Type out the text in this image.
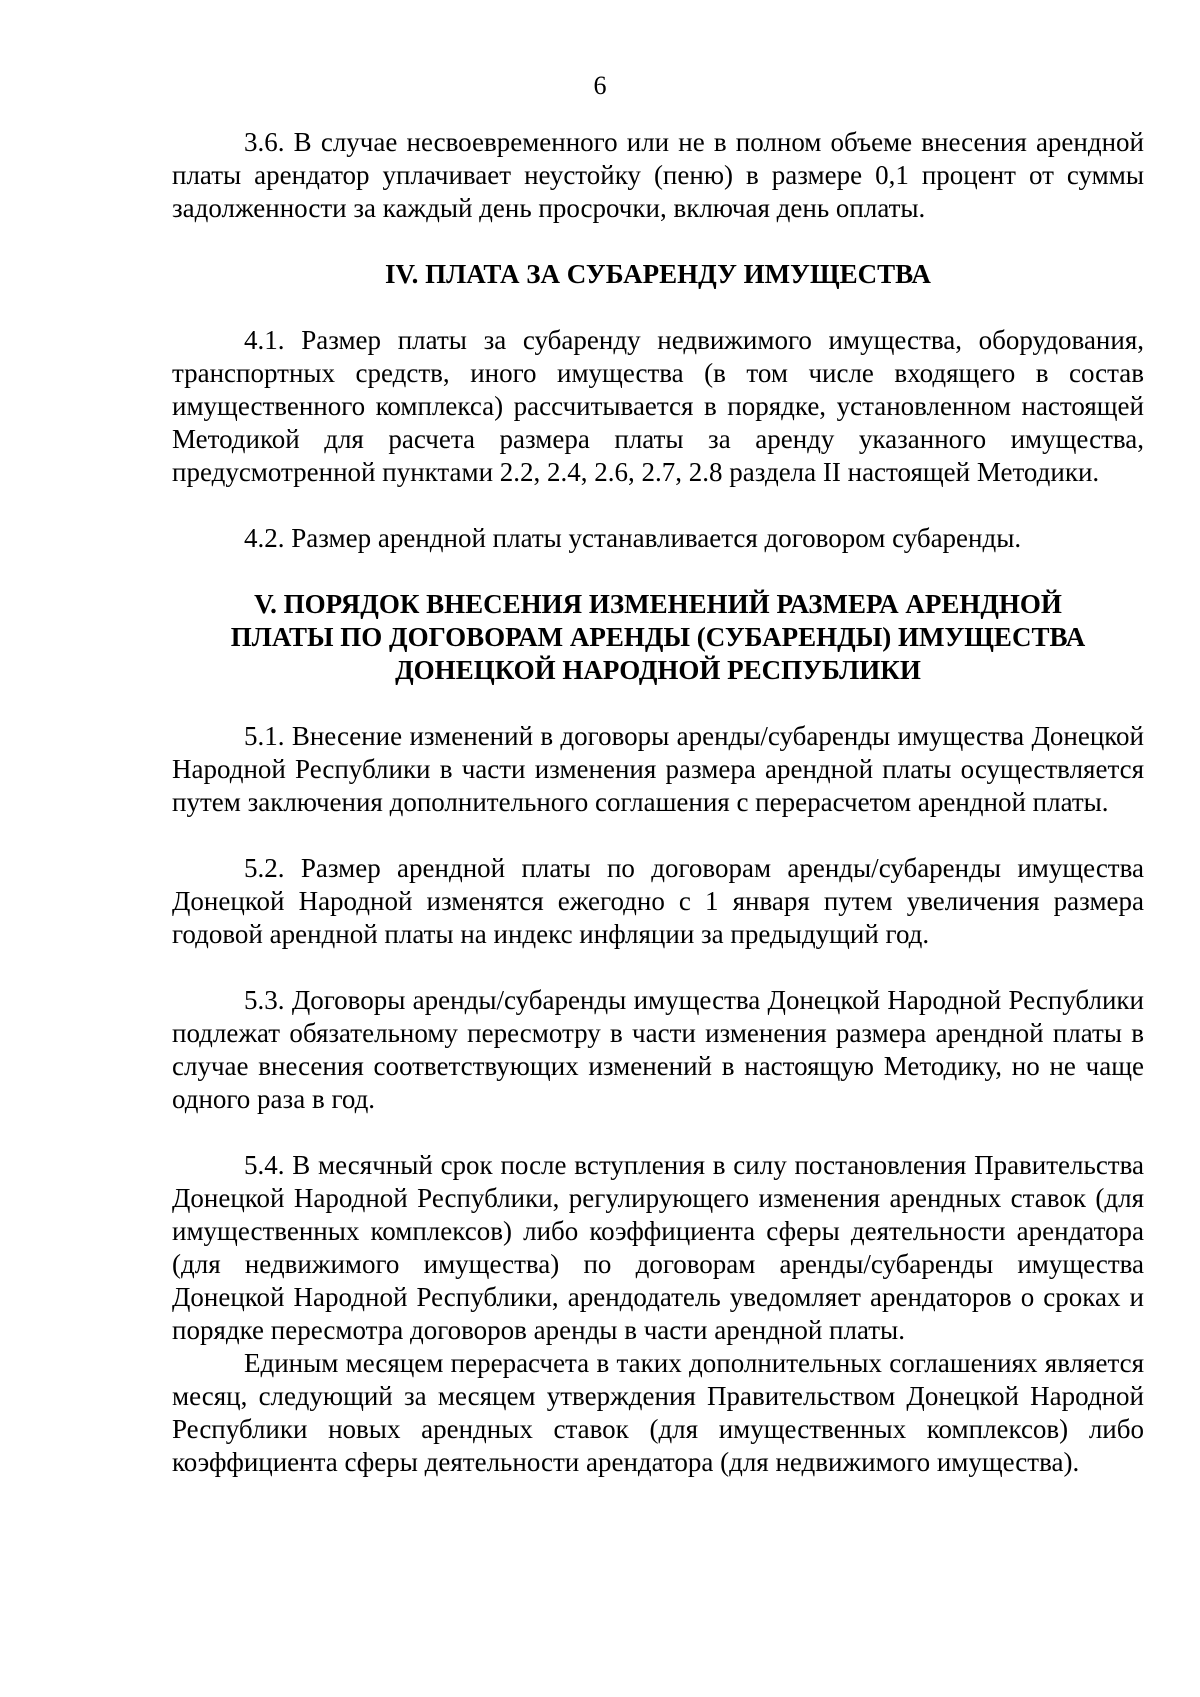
6

3.6. В случае несвоевременного или не в полном объеме внесения арендной платы арендатор уплачивает неустойку (пеню) в размере 0,1 процент от суммы задолженности за каждый день просрочки, включая день оплаты.

IV. ПЛАТА ЗА СУБАРЕНДУ ИМУЩЕСТВА

4.1. Размер платы за субаренду недвижимого имущества, оборудования, транспортных средств, иного имущества (в том числе входящего в состав имущественного комплекса) рассчитывается в порядке, установленном настоящей Методикой для расчета размера платы за аренду указанного имущества, предусмотренной пунктами 2.2, 2.4, 2.6, 2.7, 2.8 раздела II настоящей Методики.

4.2. Размер арендной платы устанавливается договором субаренды.

V. ПОРЯДОК ВНЕСЕНИЯ ИЗМЕНЕНИЙ РАЗМЕРА АРЕНДНОЙ

ПЛАТЫ ПО ДОГОВОРАМ АРЕНДЫ (СУБАРЕНДЫ) ИМУЩЕСТВА

ДОНЕЦКОЙ НАРОДНОЙ РЕСПУБЛИКИ

5.1. Внесение изменений в договоры аренды/субаренды имущества Донецкой Народной Республики в части изменения размера арендной платы осуществляется путем заключения дополнительного соглашения с перерасчетом арендной платы.

5.2. Размер арендной платы по договорам аренды/субаренды имущества Донецкой Народной изменятся ежегодно с 1 января путем увеличения размера годовой арендной платы на индекс инфляции за предыдущий год.

5.3. Договоры аренды/субаренды имущества Донецкой Народной Республики подлежат обязательному пересмотру в части изменения размера арендной платы в случае внесения соответствующих изменений в настоящую Методику, но не чаще одного раза в год.

5.4. В месячный срок после вступления в силу постановления Правительства Донецкой Народной Республики, регулирующего изменения арендных ставок (для имущественных комплексов) либо коэффициента сферы деятельности арендатора (для недвижимого имущества) по договорам аренды/субаренды имущества Донецкой Народной Республики, арендодатель уведомляет арендаторов о сроках и порядке пересмотра договоров аренды в части арендной платы.

Единым месяцем перерасчета в таких дополнительных соглашениях является месяц, следующий за месяцем утверждения Правительством Донецкой Народной Республики новых арендных ставок (для имущественных комплексов) либо коэффициента сферы деятельности арендатора (для недвижимого имущества).
